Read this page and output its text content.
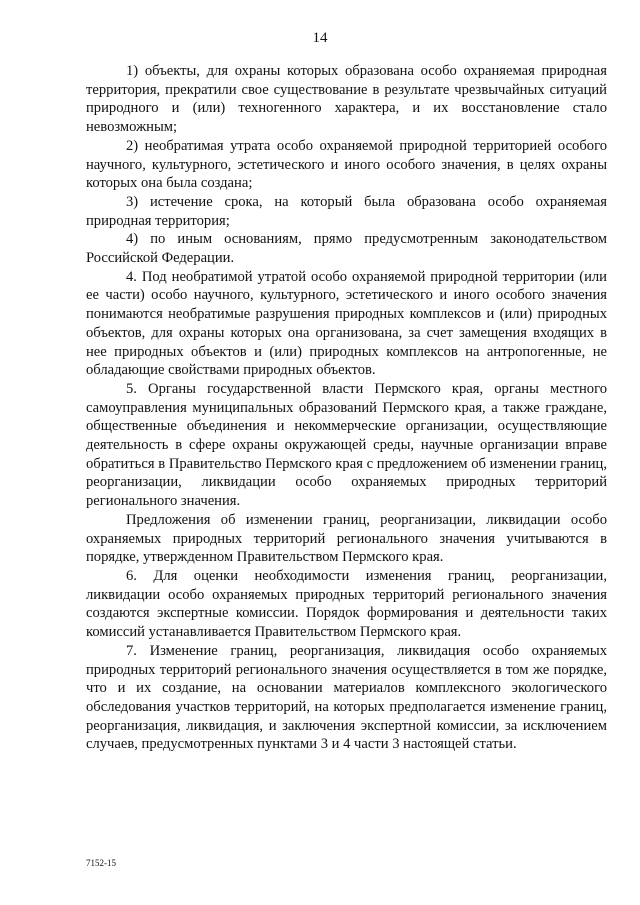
14

1) объекты, для охраны которых образована особо охраняемая природная территория, прекратили свое существование в результате чрезвычайных ситуаций природного и (или) техногенного характера, и их восстановление стало невозможным;

2) необратимая утрата особо охраняемой природной территорией особого научного, культурного, эстетического и иного особого значения, в целях охраны которых она была создана;

3) истечение срока, на который была образована особо охраняемая природная территория;

4) по иным основаниям, прямо предусмотренным законодательством Российской Федерации.

4. Под необратимой утратой особо охраняемой природной территории (или ее части) особо научного, культурного, эстетического и иного особого значения понимаются необратимые разрушения природных комплексов и (или) природных объектов, для охраны которых она организована, за счет замещения входящих в нее природных объектов и (или) природных комплексов на антропогенные, не обладающие свойствами природных объектов.

5. Органы государственной власти Пермского края, органы местного самоуправления муниципальных образований Пермского края, а также граждане, общественные объединения и некоммерческие организации, осуществляющие деятельность в сфере охраны окружающей среды, научные организации вправе обратиться в Правительство Пермского края с предложением об изменении границ, реорганизации, ликвидации особо охраняемых природных территорий регионального значения.

Предложения об изменении границ, реорганизации, ликвидации особо охраняемых природных территорий регионального значения учитываются в порядке, утвержденном Правительством Пермского края.

6. Для оценки необходимости изменения границ, реорганизации, ликвидации особо охраняемых природных территорий регионального значения создаются экспертные комиссии. Порядок формирования и деятельности таких комиссий устанавливается Правительством Пермского края.

7. Изменение границ, реорганизация, ликвидация особо охраняемых природных территорий регионального значения осуществляется в том же порядке, что и их создание, на основании материалов комплексного экологического обследования участков территорий, на которых предполагается изменение границ, реорганизация, ликвидация, и заключения экспертной комиссии, за исключением случаев, предусмотренных пунктами 3 и 4 части 3 настоящей статьи.

7152-15
